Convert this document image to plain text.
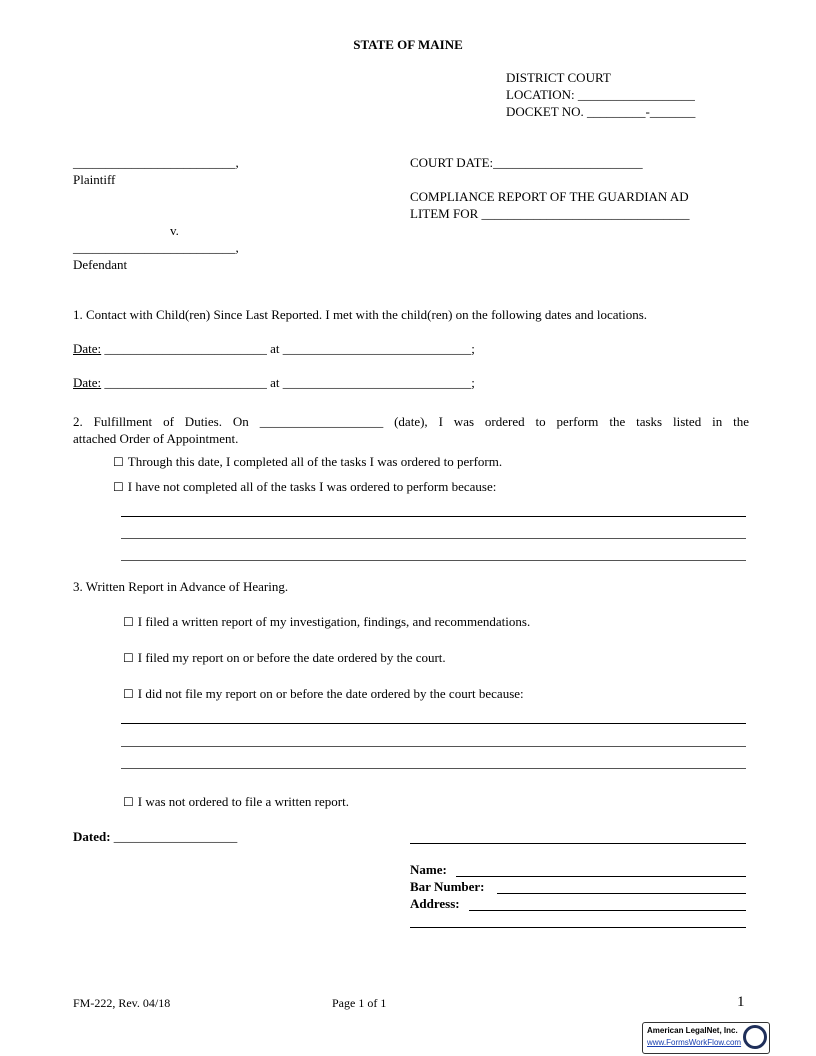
STATE OF MAINE
DISTRICT COURT
LOCATION: __________________
DOCKET NO. _________-_______
_________________________,
Plaintiff
v.
_________________________,
Defendant
COURT DATE:_______________________
COMPLIANCE REPORT OF THE GUARDIAN AD
LITEM FOR ________________________________
1. Contact with Child(ren) Since Last Reported. I met with the child(ren) on the following dates and locations.
Date: _________________________ at _____________________________;
Date: _________________________ at _____________________________;
2. Fulfillment of Duties. On ___________________ (date), I was ordered to perform the tasks listed in the
attached Order of Appointment.
☐ Through this date, I completed all of the tasks I was ordered to perform.
☐ I have not completed all of the tasks I was ordered to perform because:
3. Written Report in Advance of Hearing.
☐ I filed a written report of my investigation, findings, and recommendations.
☐ I filed my report on or before the date ordered by the court.
☐ I did not file my report on or before the date ordered by the court because:
☐ I was not ordered to file a written report.
Dated: ___________________
Name:
Bar Number:
Address:
FM-222, Rev. 04/18	Page 1 of 1	1
American LegalNet, Inc.
www.FormsWorkFlow.com
